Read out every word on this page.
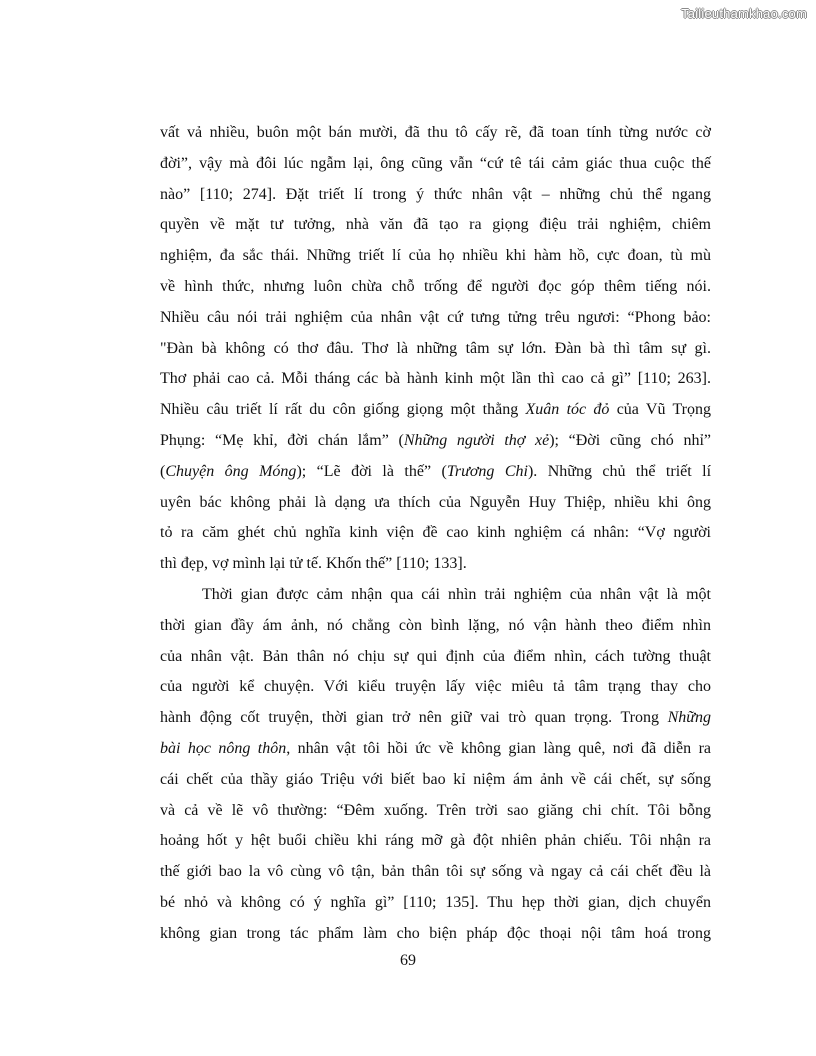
Tailieuthamkhao.com
vất vả nhiều, buôn một bán mười, đã thu tô cấy rẽ, đã toan tính từng nước cờ
đời”, vậy mà đôi lúc ngẫm lại, ông cũng vẫn “cứ tê tái cảm giác thua cuộc thế
nào” [110; 274]. Đặt triết lí trong ý thức nhân vật – những chủ thể ngang
quyền về mặt tư tưởng, nhà văn đã tạo ra giọng điệu trải nghiệm, chiêm
nghiệm, đa sắc thái. Những triết lí của họ nhiều khi hàm hồ, cực đoan, tù mù
về hình thức, nhưng luôn chừa chỗ trống để người đọc góp thêm tiếng nói.
Nhiều câu nói trải nghiệm của nhân vật cứ tưng tửng trêu ngươi: “Phong bảo:
"Đàn bà không có thơ đâu. Thơ là những tâm sự lớn. Đàn bà thì tâm sự gì.
Thơ phải cao cả. Mỗi tháng các bà hành kinh một lần thì cao cả gì” [110; 263].
Nhiều câu triết lí rất du côn giống giọng một thằng Xuân tóc đỏ của Vũ Trọng
Phụng: “Mẹ khỉ, đời chán lắm” (Những người thợ xẻ); “Đời cũng chó nhỉ”
(Chuyện ông Móng); “Lẽ đời là thế” (Trương Chi). Những chủ thể triết lí
uyên bác không phải là dạng ưa thích của Nguyễn Huy Thiệp, nhiều khi ông
tỏ ra căm ghét chủ nghĩa kinh viện đề cao kinh nghiệm cá nhân: “Vợ người
thì đẹp, vợ mình lại tử tế. Khốn thế” [110; 133].
Thời gian được cảm nhận qua cái nhìn trải nghiệm của nhân vật là một
thời gian đầy ám ảnh, nó chẳng còn bình lặng, nó vận hành theo điểm nhìn
của nhân vật. Bản thân nó chịu sự qui định của điểm nhìn, cách tường thuật
của người kể chuyện. Với kiểu truyện lấy việc miêu tả tâm trạng thay cho
hành động cốt truyện, thời gian trở nên giữ vai trò quan trọng. Trong Những
bài học nông thôn, nhân vật tôi hồi ức về không gian làng quê, nơi đã diễn ra
cái chết của thầy giáo Triệu với biết bao kỉ niệm ám ảnh về cái chết, sự sống
và cả về lẽ vô thường: “Đêm xuống. Trên trời sao giăng chi chít. Tôi bỗng
hoảng hốt y hệt buổi chiều khi ráng mỡ gà đột nhiên phản chiếu. Tôi nhận ra
thế giới bao la vô cùng vô tận, bản thân tôi sự sống và ngay cả cái chết đều là
bé nhỏ và không có ý nghĩa gì” [110; 135]. Thu hẹp thời gian, dịch chuyển
không gian trong tác phẩm làm cho biện pháp độc thoại nội tâm hoá trong
69
